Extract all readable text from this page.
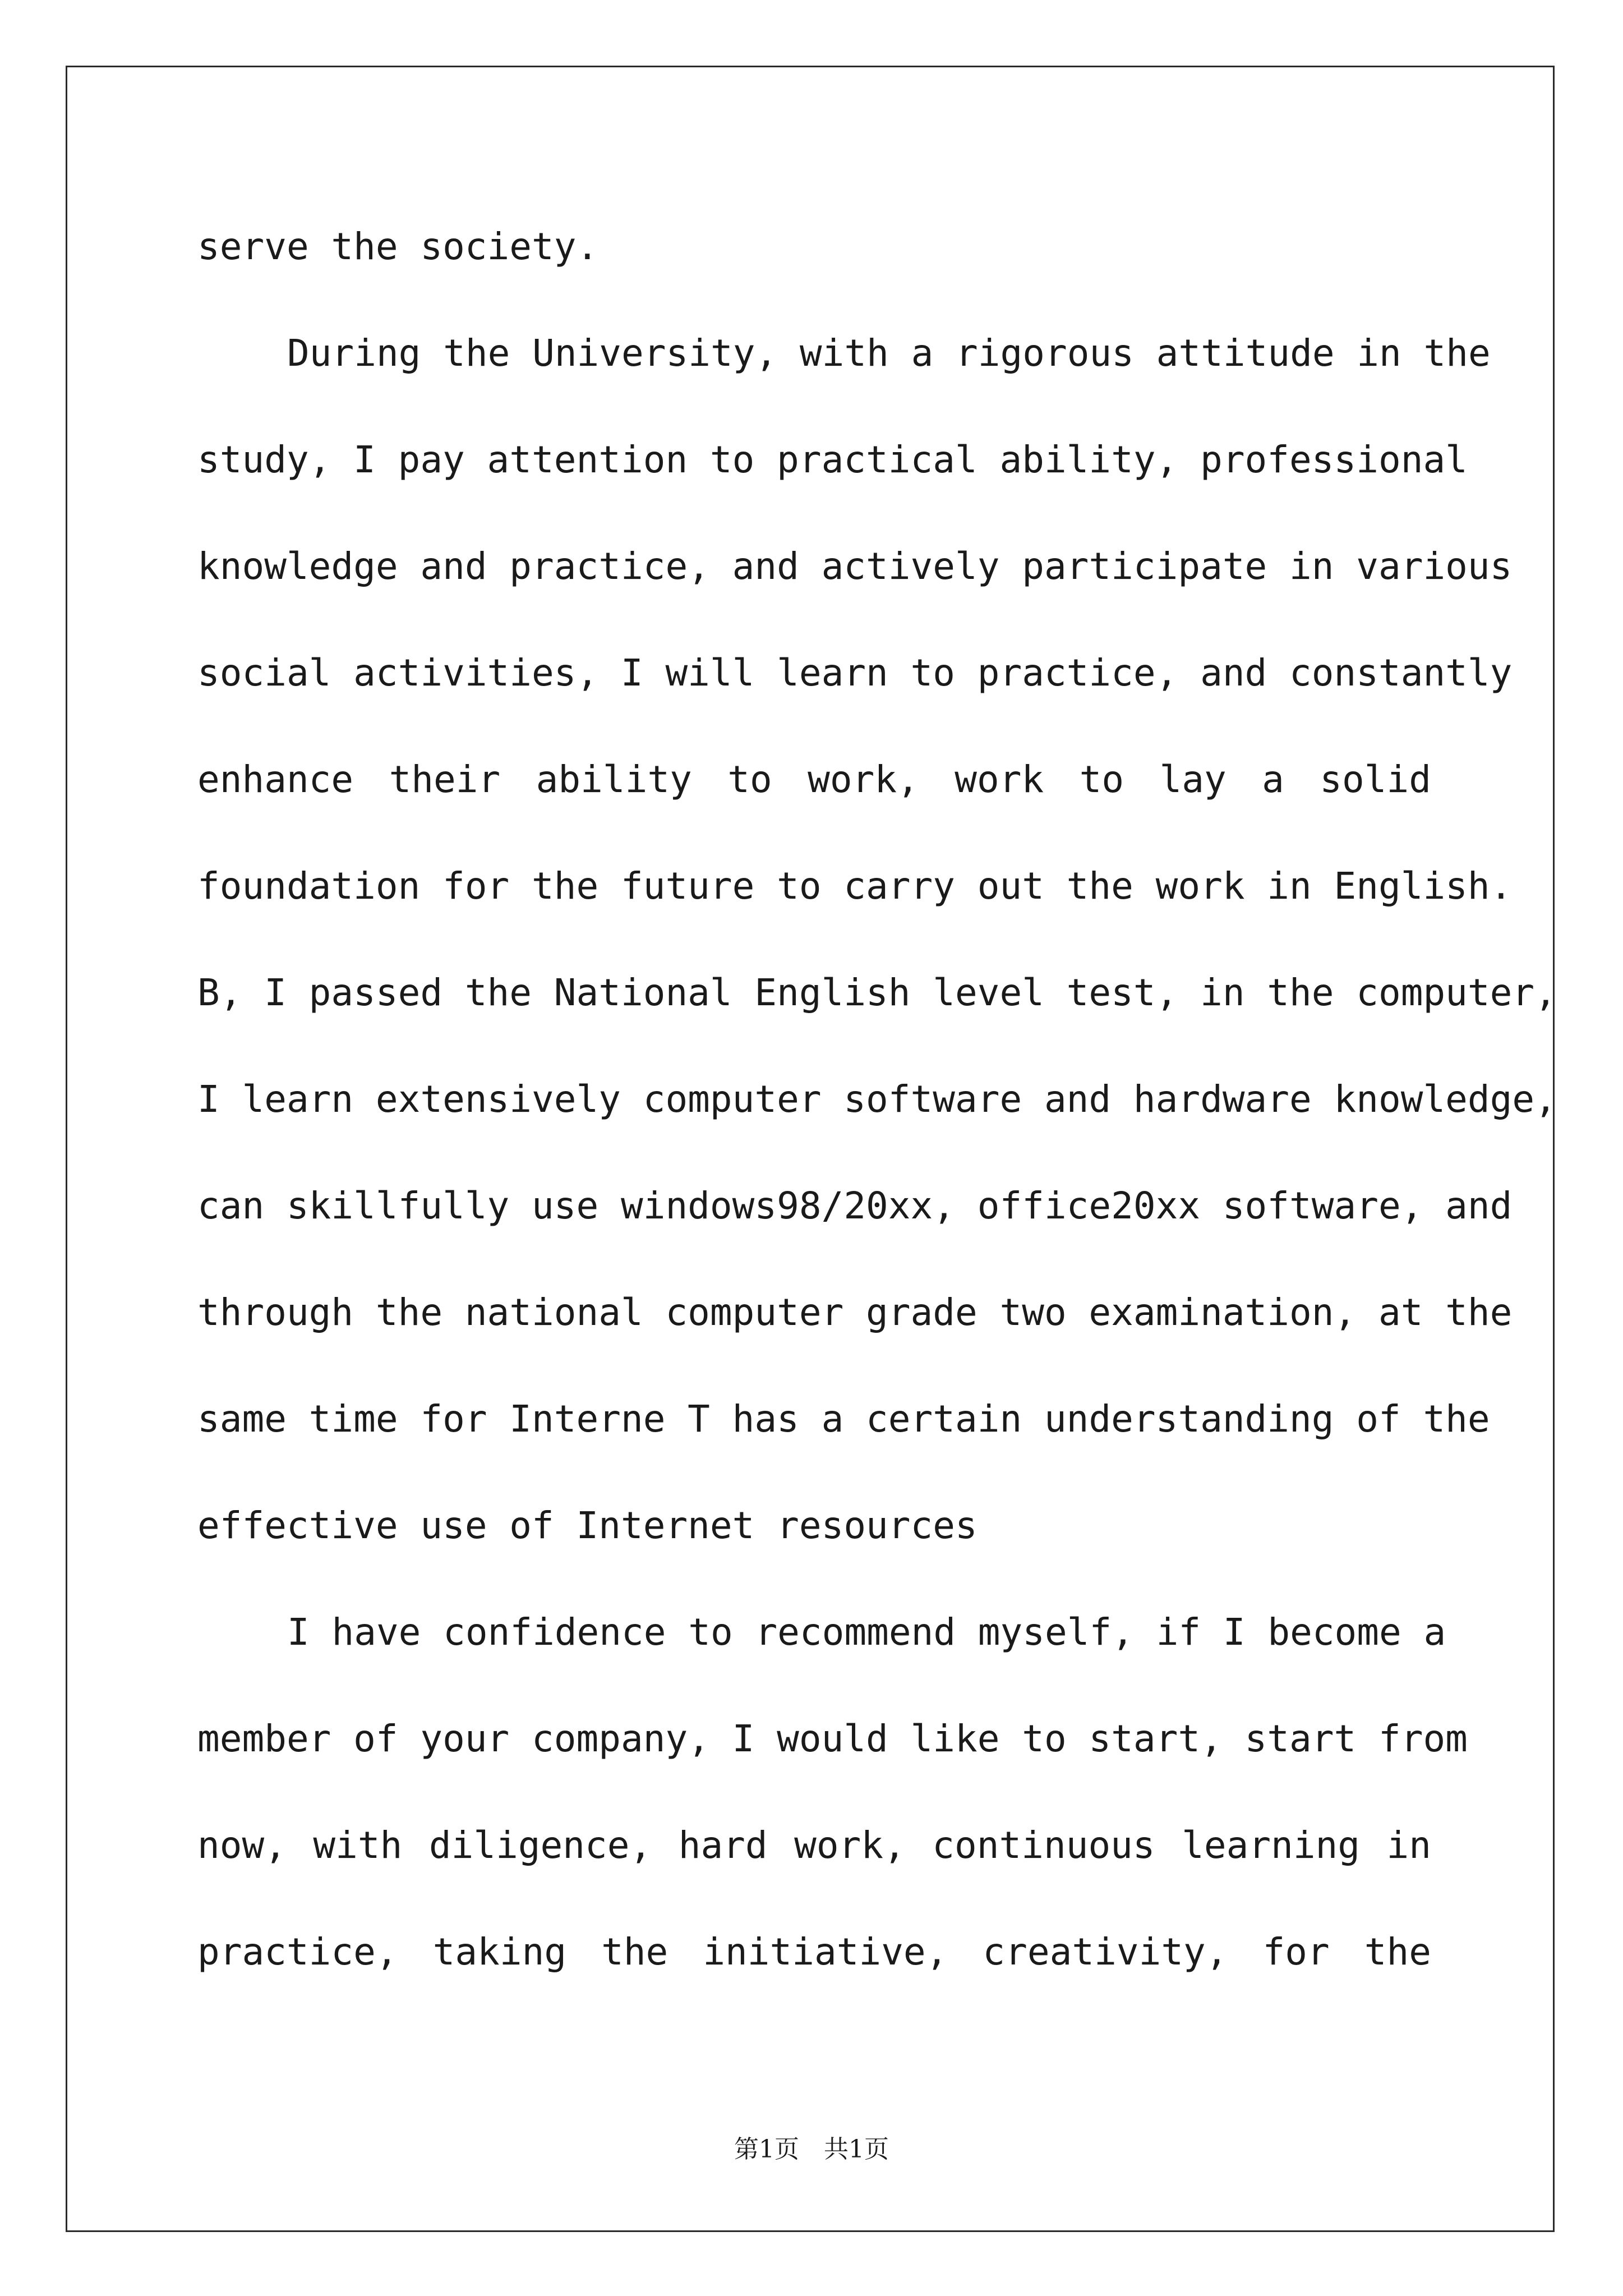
serve the society.
During the University, with a rigorous attitude in the
study, I pay attention to practical ability, professional
knowledge and practice, and actively participate in various
social activities, I will learn to practice, and constantly
enhance their ability to work, work to lay a solid
foundation for the future to carry out the work in English.
B, I passed the National English level test, in the computer,
I learn extensively computer software and hardware knowledge,
can skillfully use windows98/20xx, office20xx software, and
through the national computer grade two examination, at the
same time for Interne T has a certain understanding of the
effective use of Internet resources
I have confidence to recommend myself, if I become a
member of your company, I would like to start, start from
now, with diligence, hard work, continuous learning in
practice, taking the initiative, creativity, for the
第1页　共1页
